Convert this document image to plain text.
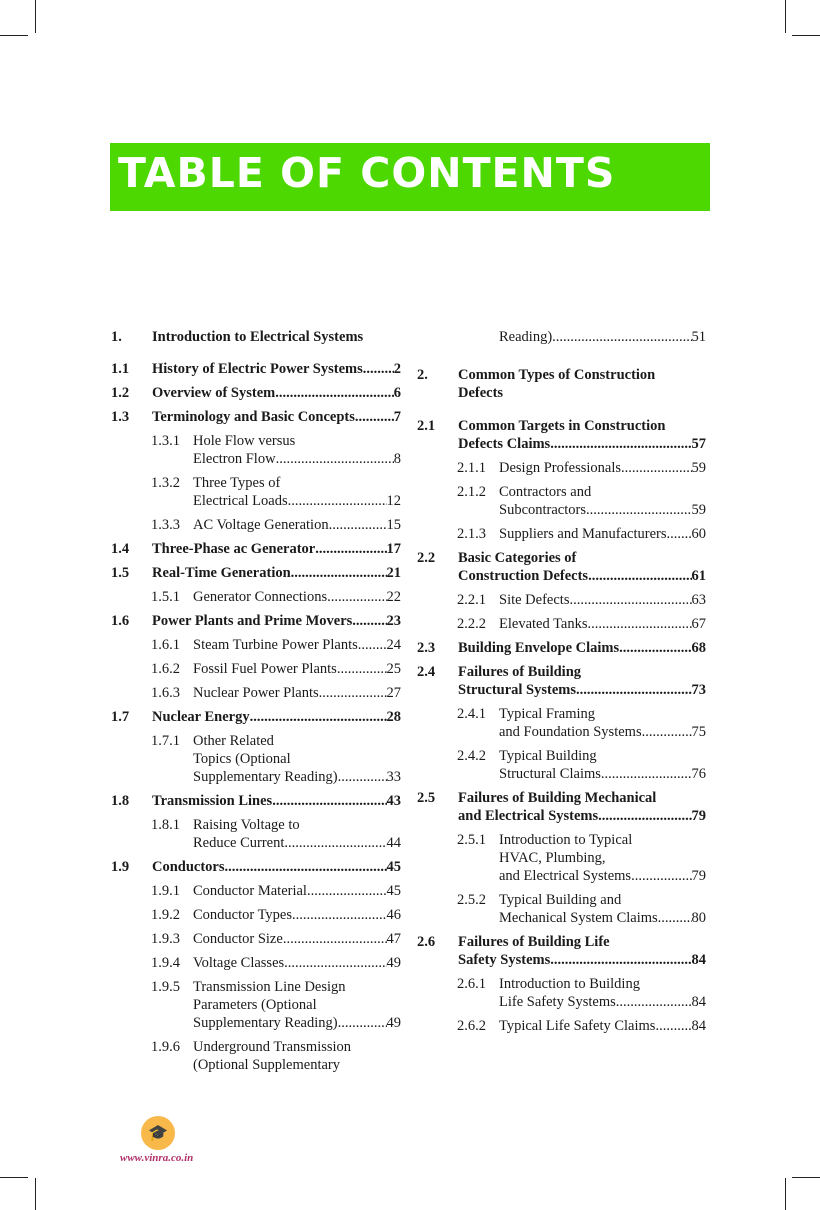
TABLE OF CONTENTS
1. Introduction to Electrical Systems
1.1 History of Electric Power Systems ..... 2
1.2 Overview of System .....	6
1.3 Terminology and Basic Concepts .....	7
1.3.1 Hole Flow versus
Electron Flow .....	8
1.3.2 Three Types of
Electrical Loads .....	12
1.3.3 AC Voltage Generation .....	15
1.4 Three-Phase ac Generator .....	17
1.5 Real-Time Generation .....	21
1.5.1 Generator Connections .....	22
1.6 Power Plants and Prime Movers ..... 23
1.6.1 Steam Turbine Power Plants ..... 24
1.6.2 Fossil Fuel Power Plants .....	25
1.6.3 Nuclear Power Plants .....	27
1.7 Nuclear Energy .....	28
1.7.1 Other Related
Topics (Optional
Supplementary Reading) .....	33
1.8 Transmission Lines .....	43
1.8.1 Raising Voltage to
Reduce Current .....	44
1.9 Conductors .....	45
1.9.1 Conductor Material .....	45
1.9.2 Conductor Types .....	46
1.9.3 Conductor Size .....	47
1.9.4 Voltage Classes .....	49
1.9.5 Transmission Line Design
Parameters (Optional
Supplementary Reading) .....	49
1.9.6 Underground Transmission
(Optional Supplementary
Reading) .....	51
2. Common Types of Construction
Defects
2.1 Common Targets in Construction
Defects Claims .....	57
2.1.1 Design Professionals .....	59
2.1.2 Contractors and
Subcontractors .....	59
2.1.3 Suppliers and Manufacturers ..... 60
2.2 Basic Categories of
Construction Defects .....	61
2.2.1 Site Defects .....	63
2.2.2 Elevated Tanks .....	67
2.3 Building Envelope Claims .....	68
2.4 Failures of Building
Structural Systems .....	73
2.4.1 Typical Framing
and Foundation Systems .....	75
2.4.2 Typical Building
Structural Claims .....	76
2.5 Failures of Building Mechanical
and Electrical Systems .....	79
2.5.1 Introduction to Typical
HVAC, Plumbing,
and Electrical Systems .....	79
2.5.2 Typical Building and
Mechanical System Claims ..... 80
2.6 Failures of Building Life
Safety Systems .....	84
2.6.1 Introduction to Building
Life Safety Systems .....	84
2.6.2 Typical Life Safety Claims ..... 84
🎓
www.vinra.co.in
